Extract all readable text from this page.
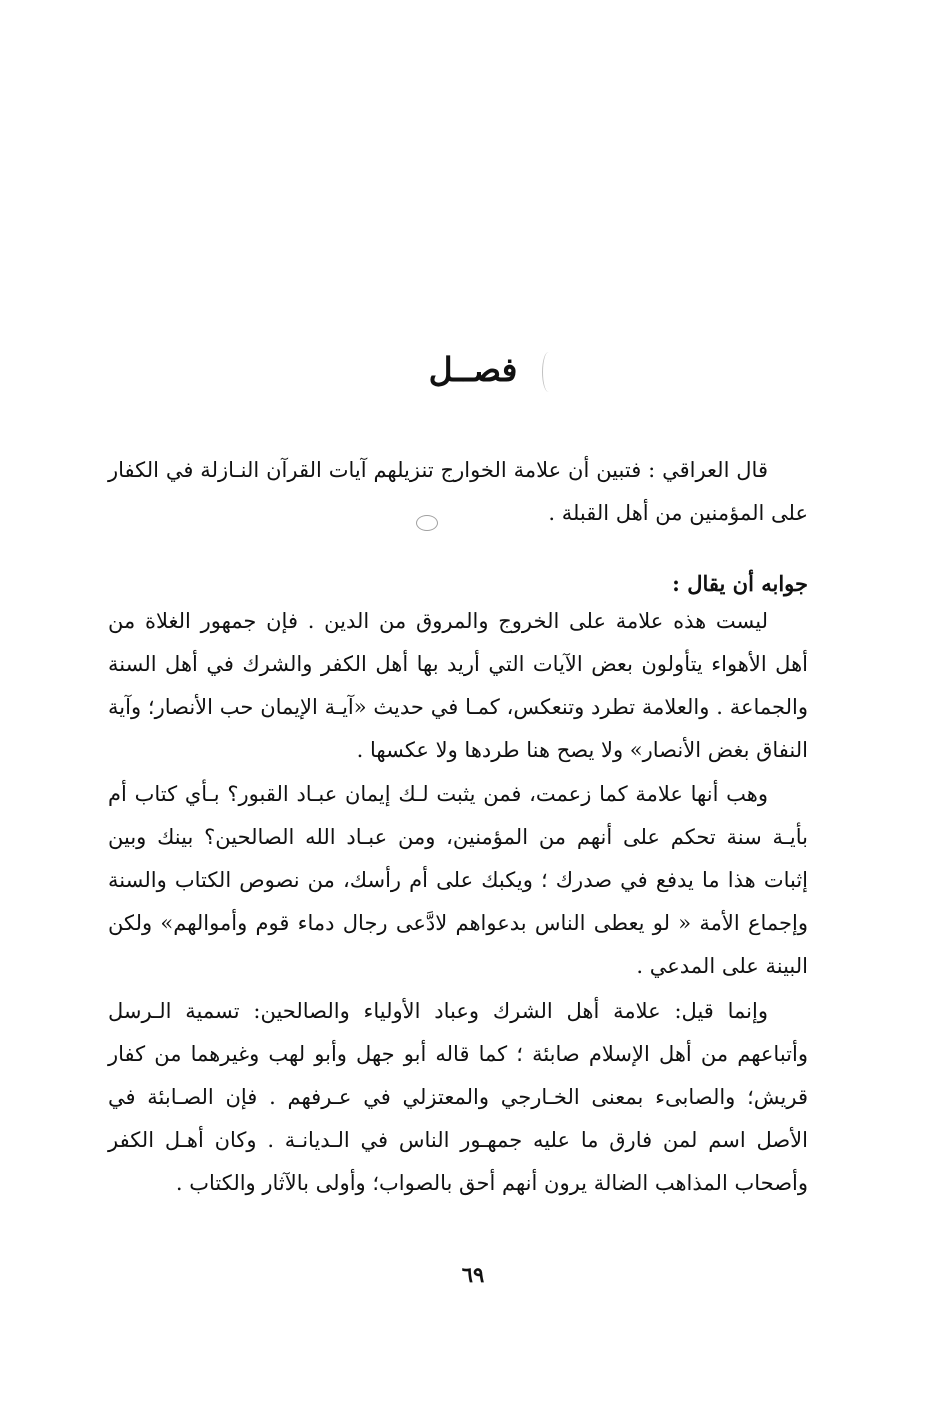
فصــل

قال العراقي : فتبين أن علامة الخوارج تنزيلهم آيات القرآن النـازلة في الكفار على المؤمنين من أهل القبلة .

جوابه أن يقال :

ليست هذه علامة على الخروج والمروق من الدين . فإن جمهور الغلاة من أهل الأهواء يتأولون بعض الآيات التي أريد بها أهل الكفر والشرك في أهل السنة والجماعة . والعلامة تطرد وتنعكس، كمـا في حديث «آيـة الإيمان حب الأنصار؛ وآية النفاق بغض الأنصار» ولا يصح هنا طردها ولا عكسها .

وهب أنها علامة كما زعمت، فمن يثبت لـك إيمان عبـاد القبور؟ بـأي كتاب أم بأيـة سنة تحكم على أنهم من المؤمنين، ومن عبـاد الله الصالحين؟ بينك وبين إثبات هذا ما يدفع في صدرك ؛ ويكبك على أم رأسك، من نصوص الكتاب والسنة وإجماع الأمة « لو يعطى الناس بدعواهم لادَّعى رجال دماء قوم وأموالهم» ولكن البينة على المدعي .

وإنما قيل: علامة أهل الشرك وعباد الأولياء والصالحين: تسمية الـرسل وأتباعهم من أهل الإسلام صابئة ؛ كما قاله أبو جهل وأبو لهب وغيرهما من كفار قريش؛ والصابىء بمعنى الخـارجي والمعتزلي في عـرفهم . فإن الصـابئة في الأصل اسم لمن فارق ما عليه جمهـور الناس في الـديانـة . وكان أهـل الكفر وأصحاب المذاهب الضالة يرون أنهم أحق بالصواب؛ وأولى بالآثار والكتاب .

٦٩
